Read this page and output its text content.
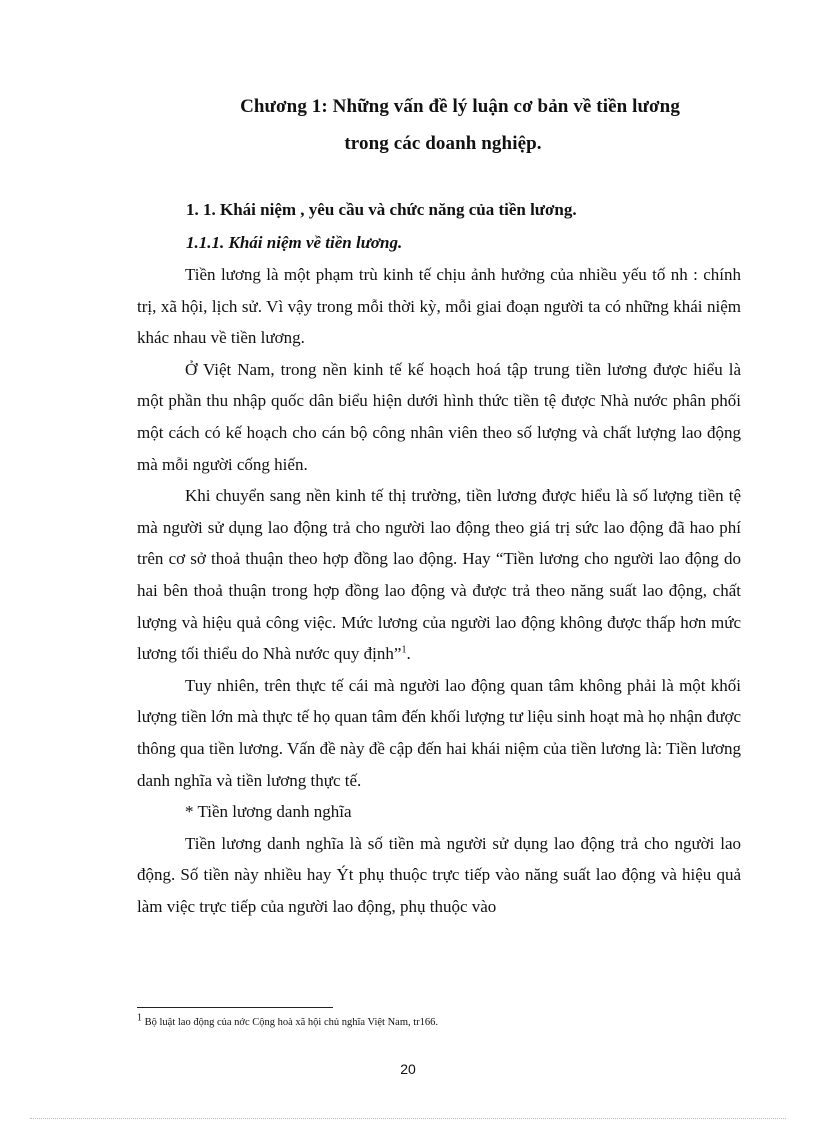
Chương 1: Những vấn đề lý luận cơ bản về tiền lương
trong các doanh nghiệp.
1. 1. Khái niệm , yêu cầu và chức năng của tiền lương.
1.1.1. Khái niệm về tiền lương.

Tiền lương là một phạm trù kinh tế chịu ảnh hưởng của nhiều yếu tố nh : chính trị, xã hội, lịch sử. Vì vậy trong mỗi thời kỳ, mỗi giai đoạn người ta có những khái niệm khác nhau về tiền lương.

Ở Việt Nam, trong nền kinh tế kế hoạch hoá tập trung tiền lương được hiểu là một phần thu nhập quốc dân biểu hiện dưới hình thức tiền tệ được Nhà nước phân phối một cách có kế hoạch cho cán bộ công nhân viên theo số lượng và chất lượng lao động mà mỗi người cống hiến.

Khi chuyển sang nền kinh tế thị trường, tiền lương được hiểu là số lượng tiền tệ mà người sử dụng lao động trả cho người lao động theo giá trị sức lao động đã hao phí trên cơ sở thoả thuận theo hợp đồng lao động. Hay “Tiền lương cho người lao động do hai bên thoả thuận trong hợp đồng lao động và được trả theo năng suất lao động, chất lượng và hiệu quả công việc. Mức lương của người lao động không được thấp hơn mức lương tối thiểu do Nhà nước quy định”$^1$.

Tuy nhiên, trên thực tế cái mà người lao động quan tâm không phải là một khối lượng tiền lớn mà thực tế họ quan tâm đến khối lượng tư liệu sinh hoạt mà họ nhận được thông qua tiền lương. Vấn đề này đề cập đến hai khái niệm của tiền lương là: Tiền lương danh nghĩa và tiền lương thực tế.

* Tiền lương danh nghĩa

Tiền lương danh nghĩa là số tiền mà người sử dụng lao động trả cho người lao động. Số tiền này nhiều hay Ýt phụ thuộc trực tiếp vào năng suất lao động và hiệu quả làm việc trực tiếp của người lao động, phụ thuộc vào

$^1$ Bộ luật lao động của nớc Cộng hoà xã hội chủ nghĩa Việt Nam, tr166.
20
